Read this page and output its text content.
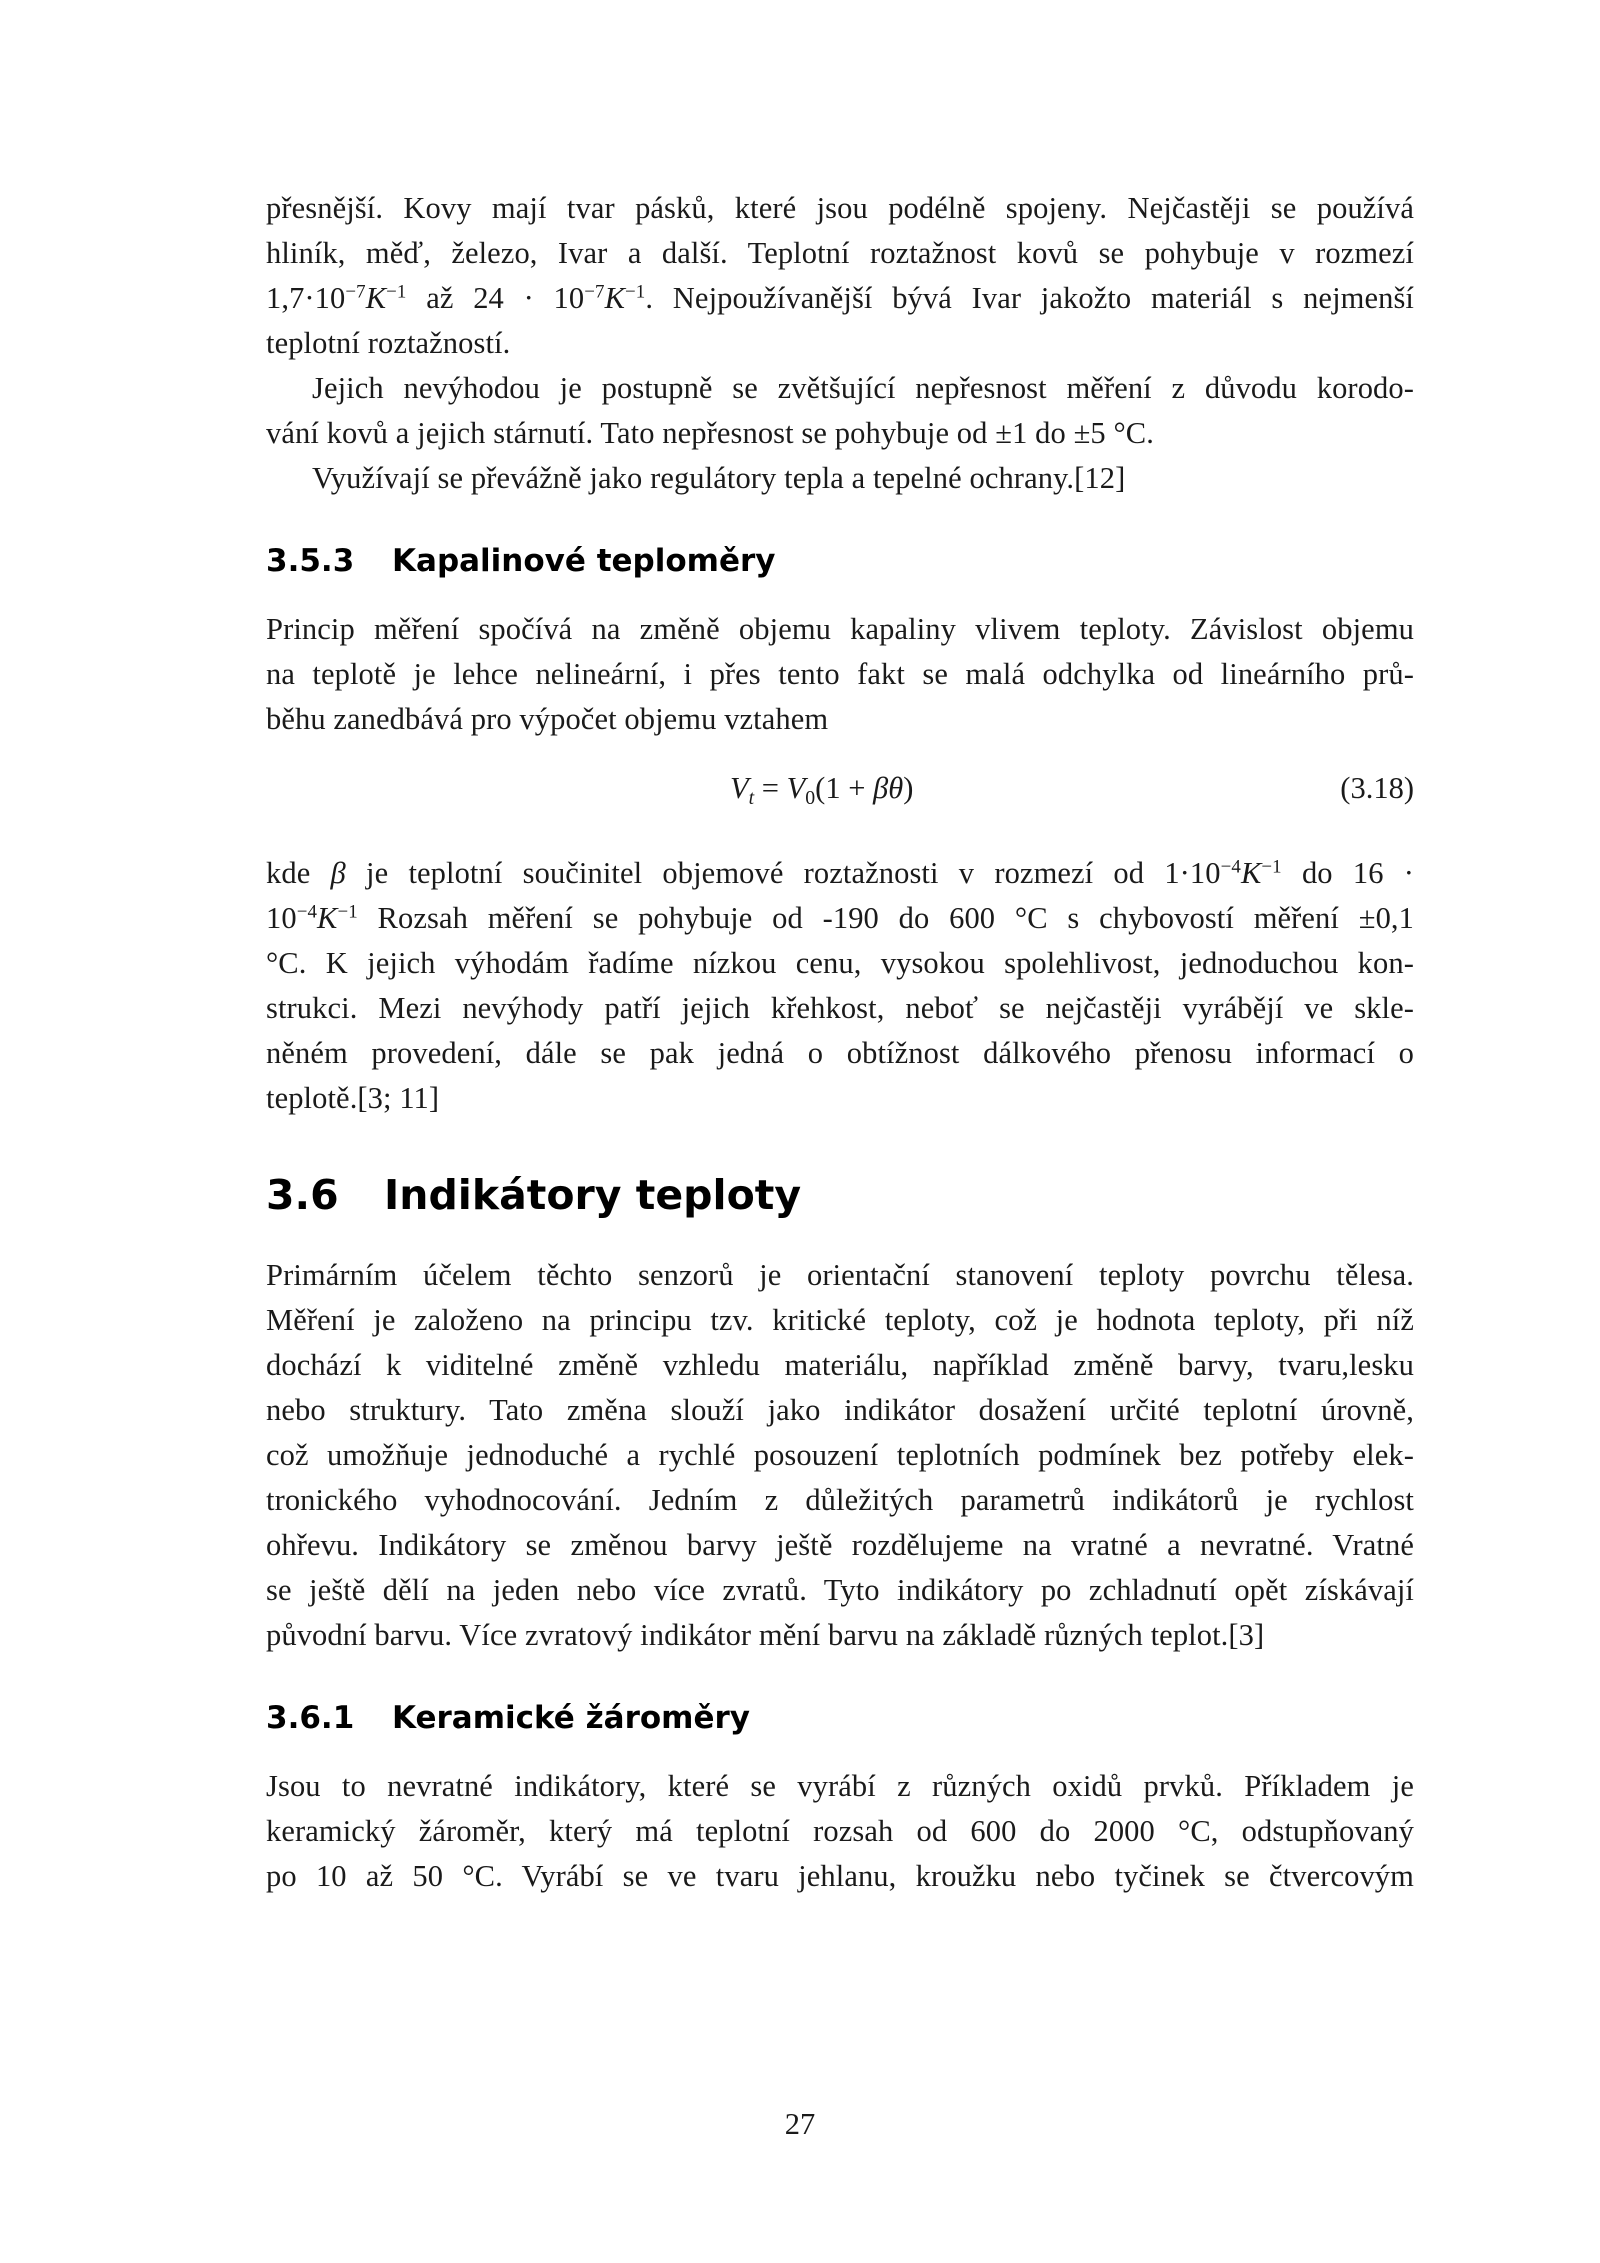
přesnější. Kovy mají tvar pásků, které jsou podélně spojeny. Nejčastěji se používá
hliník, měď, železo, Ivar a další. Teplotní roztažnost kovů se pohybuje v rozmezí
$1,7\cdot 10^{-7}K^{-1}$ až $24 \cdot 10^{-7}K^{-1}$. Nejpoužívanější bývá Ivar jakožto materiál s nejmenší
teplotní roztažností.
Jejich nevýhodou je postupně se zvětšující nepřesnost měření z důvodu korodo-
vání kovů a jejich stárnutí. Tato nepřesnost se pohybuje od ±1 do ±5 °C.
Využívají se převážně jako regulátory tepla a tepelné ochrany.[12]
3.5.3 Kapalinové teploměry
Princip měření spočívá na změně objemu kapaliny vlivem teploty. Závislost objemu
na teplotě je lehce nelineární, i přes tento fakt se malá odchylka od lineárního prů-
běhu zanedbává pro výpočet objemu vztahem
$V_t = V_0(1 + \beta\theta)$	(3.18)
kde β je teplotní součinitel objemové roztažnosti v rozmezí od $1\cdot 10^{-4}K^{-1}$ do 16 ·
$10^{-4}K^{-1}$ Rozsah měření se pohybuje od -190 do 600 °C s chybovostí měření ±0,1
°C. K jejich výhodám řadíme nízkou cenu, vysokou spolehlivost, jednoduchou kon-
strukci. Mezi nevýhody patří jejich křehkost, neboť se nejčastěji vyrábějí ve skle-
něném provedení, dále se pak jedná o obtížnost dálkového přenosu informací o
teplotě.[3; 11]
3.6 Indikátory teploty
Primárním účelem těchto senzorů je orientační stanovení teploty povrchu tělesa.
Měření je založeno na principu tzv. kritické teploty, což je hodnota teploty, při níž
dochází k viditelné změně vzhledu materiálu, například změně barvy, tvaru,lesku
nebo struktury. Tato změna slouží jako indikátor dosažení určité teplotní úrovně,
což umožňuje jednoduché a rychlé posouzení teplotních podmínek bez potřeby elek-
tronického vyhodnocování. Jedním z důležitých parametrů indikátorů je rychlost
ohřevu. Indikátory se změnou barvy ještě rozdělujeme na vratné a nevratné. Vratné
se ještě dělí na jeden nebo více zvratů. Tyto indikátory po zchladnutí opět získávají
původní barvu. Více zvratový indikátor mění barvu na základě různých teplot.[3]
3.6.1 Keramické žároměry
Jsou to nevratné indikátory, které se vyrábí z různých oxidů prvků. Příkladem je
keramický žároměr, který má teplotní rozsah od 600 do 2000 °C, odstupňovaný
po 10 až 50 °C. Vyrábí se ve tvaru jehlanu, kroužku nebo tyčinek se čtvercovým
27
